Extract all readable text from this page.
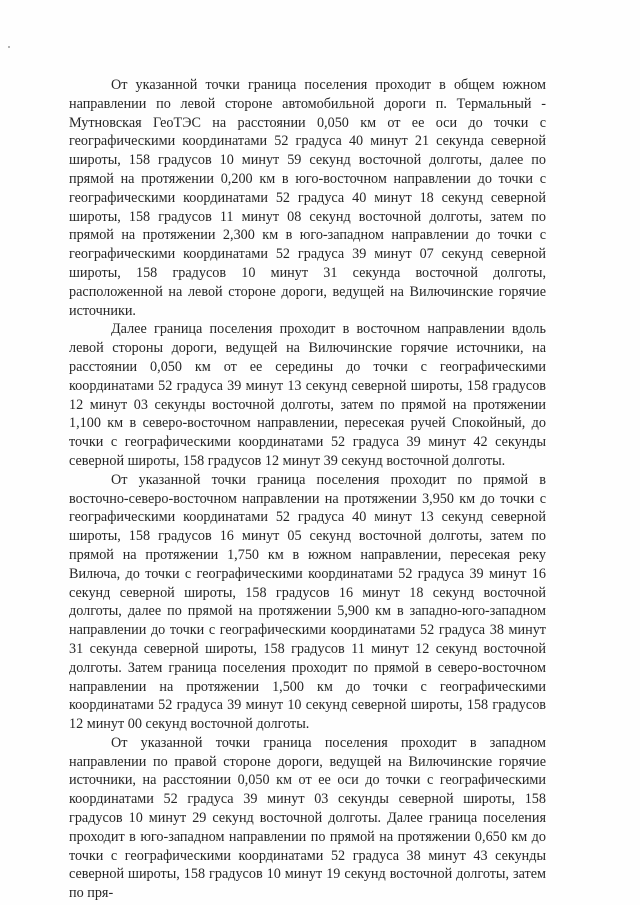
От указанной точки граница поселения проходит в общем южном направлении по левой стороне автомобильной дороги п. Термальный - Мутновская ГеоТЭС на расстоянии 0,050 км от ее оси до точки с географическими координатами 52 градуса 40 минут 21 секунда северной широты, 158 градусов 10 минут 59 секунд восточной долготы, далее по прямой на протяжении 0,200 км в юго-восточном направлении до точки с географическими координатами 52 градуса 40 минут 18 секунд северной широты, 158 градусов 11 минут 08 секунд восточной долготы, затем по прямой на протяжении 2,300 км в юго-западном направлении до точки с географическими координатами 52 градуса 39 минут 07 секунд северной широты, 158 градусов 10 минут 31 секунда восточной долготы, расположенной на левой стороне дороги, ведущей на Вилючинские горячие источники.

Далее граница поселения проходит в восточном направлении вдоль левой стороны дороги, ведущей на Вилючинские горячие источники, на расстоянии 0,050 км от ее середины до точки с географическими координатами 52 градуса 39 минут 13 секунд северной широты, 158 градусов 12 минут 03 секунды восточной долготы, затем по прямой на протяжении 1,100 км в северо-восточном направлении, пересекая ручей Спокойный, до точки с географическими координатами 52 градуса 39 минут 42 секунды северной широты, 158 градусов 12 минут 39 секунд восточной долготы.

От указанной точки граница поселения проходит по прямой в восточно-северо-восточном направлении на протяжении 3,950 км до точки с географическими координатами 52 градуса 40 минут 13 секунд северной широты, 158 градусов 16 минут 05 секунд восточной долготы, затем по прямой на протяжении 1,750 км в южном направлении, пересекая реку Вилюча, до точки с географическими координатами 52 градуса 39 минут 16 секунд северной широты, 158 градусов 16 минут 18 секунд восточной долготы, далее по прямой на протяжении 5,900 км в западно-юго-западном направлении до точки с географическими координатами 52 градуса 38 минут 31 секунда северной широты, 158 градусов 11 минут 12 секунд восточной долготы. Затем граница поселения проходит по прямой в северо-восточном направлении на протяжении 1,500 км до точки с географическими координатами 52 градуса 39 минут 10 секунд северной широты, 158 градусов 12 минут 00 секунд восточной долготы.

От указанной точки граница поселения проходит в западном направлении по правой стороне дороги, ведущей на Вилючинские горячие источники, на расстоянии 0,050 км от ее оси до точки с географическими координатами 52 градуса 39 минут 03 секунды северной широты, 158 градусов 10 минут 29 секунд восточной долготы. Далее граница поселения проходит в юго-западном направлении по прямой на протяжении 0,650 км до точки с географическими координатами 52 градуса 38 минут 43 секунды северной широты, 158 градусов 10 минут 19 секунд восточной долготы, затем по пря-
